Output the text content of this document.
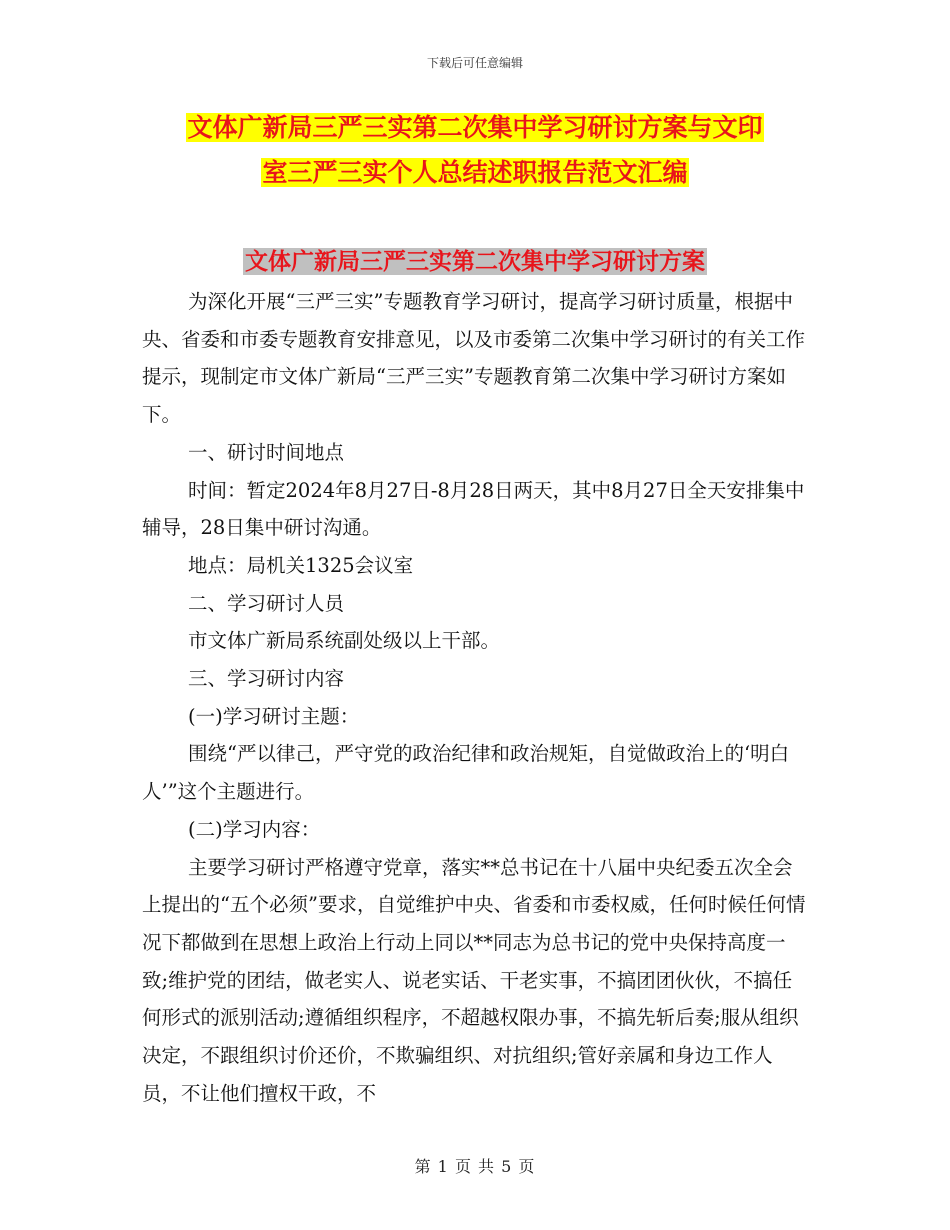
下载后可任意编辑
文体广新局三严三实第二次集中学习研讨方案与文印
室三严三实个人总结述职报告范文汇编
文体广新局三严三实第二次集中学习研讨方案

为深化开展“三严三实”专题教育学习研讨，提高学习研讨质量，根据中央、省委和市委专题教育安排意见，以及市委第二次集中学习研讨的有关工作提示，现制定市文体广新局“三严三实”专题教育第二次集中学习研讨方案如下。

一、研讨时间地点

时间：暂定2024年8月27日-8月28日两天，其中8月27日全天安排集中辅导，28日集中研讨沟通。

地点：局机关1325会议室

二、学习研讨人员

市文体广新局系统副处级以上干部。

三、学习研讨内容

(一)学习研讨主题：

围绕“严以律己，严守党的政治纪律和政治规矩，自觉做政治上的‘明白人’”这个主题进行。

(二)学习内容：

主要学习研讨严格遵守党章，落实**总书记在十八届中央纪委五次全会上提出的“五个必须”要求，自觉维护中央、省委和市委权威，任何时候任何情况下都做到在思想上政治上行动上同以**同志为总书记的党中央保持高度一致;维护党的团结，做老实人、说老实话、干老实事，不搞团团伙伙，不搞任何形式的派别活动;遵循组织程序，不超越权限办事，不搞先斩后奏;服从组织决定，不跟组织讨价还价，不欺骗组织、对抗组织;管好亲属和身边工作人员，不让他们擅权干政，不

第 1 页 共 5 页
